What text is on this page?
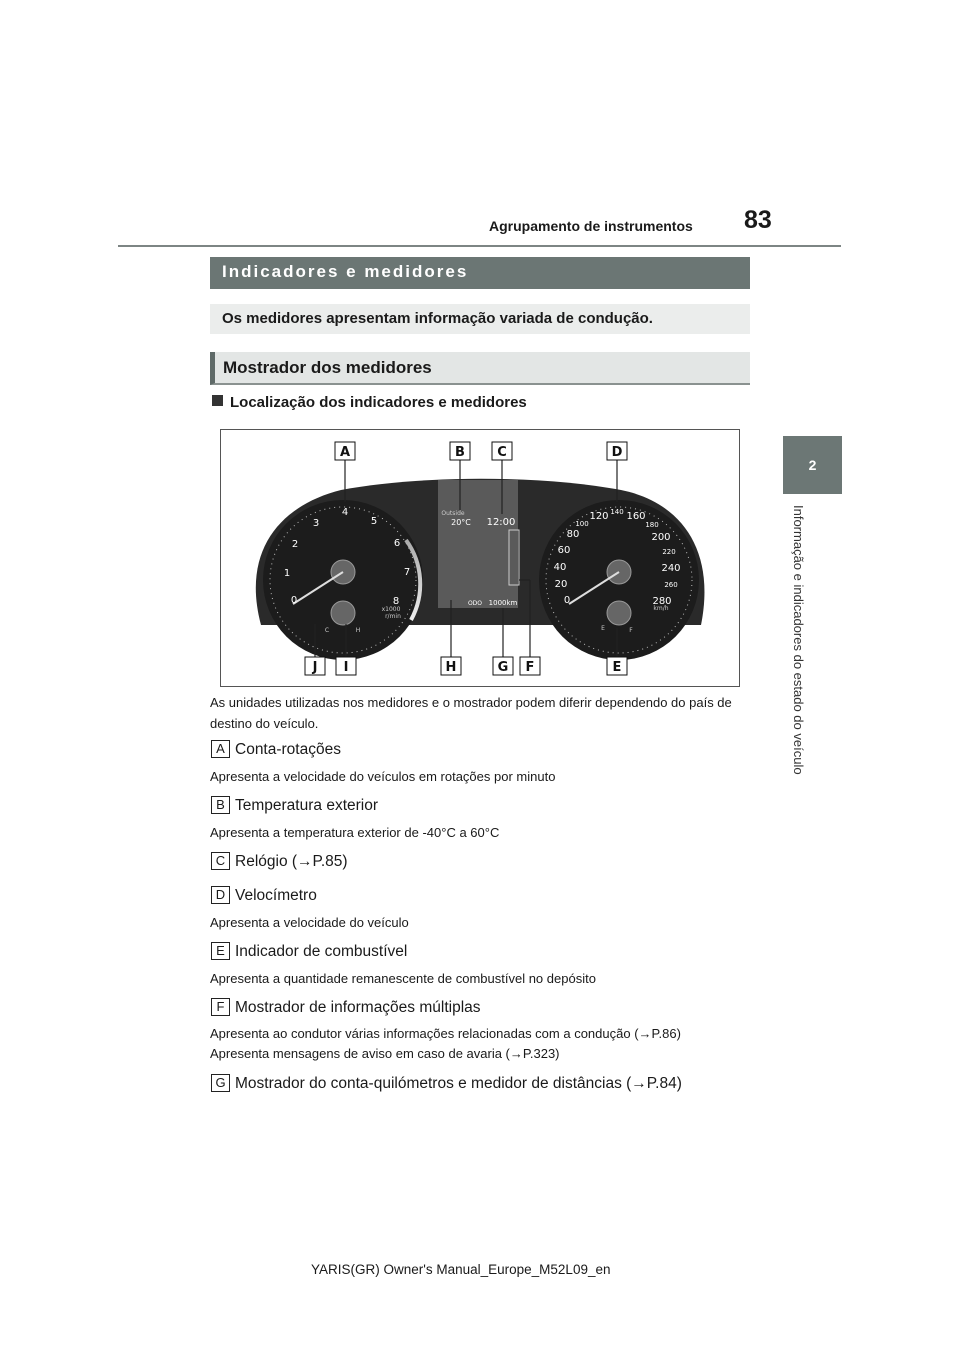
83
Agrupamento de instrumentos
2
Informação e indicadores do estado do veículo
Indicadores e medidores
Os medidores apresentam informação variada de condução.
Mostrador dos medidores
Localização dos indicadores e medidores
0
1
2
3
4
5
6
7
8
x1000
r/min
C	H
Outside
E	F
km/h
20°C 12:00
ODO 1000km	0
20
40
60
80
100
120 140 160
180
200
220
240
260
280
A	B C	D
J I	H	G F	E
As unidades utilizadas nos medidores e o mostrador podem diferir dependendo do país de destino do veículo.
A Conta-rotações
Apresenta a velocidade do veículos em rotações por minuto
B Temperatura exterior
Apresenta a temperatura exterior de -40°C a 60°C
C Relógio (→P.85)
D Velocímetro
Apresenta a velocidade do veículo
E Indicador de combustível
Apresenta a quantidade remanescente de combustível no depósito
F Mostrador de informações múltiplas
Apresenta ao condutor várias informações relacionadas com a condução (→P.86)
Apresenta mensagens de aviso em caso de avaria (→P.323)
G Mostrador do conta-quilómetros e medidor de distâncias (→P.84)
YARIS(GR) Owner's Manual_Europe_M52L09_en
